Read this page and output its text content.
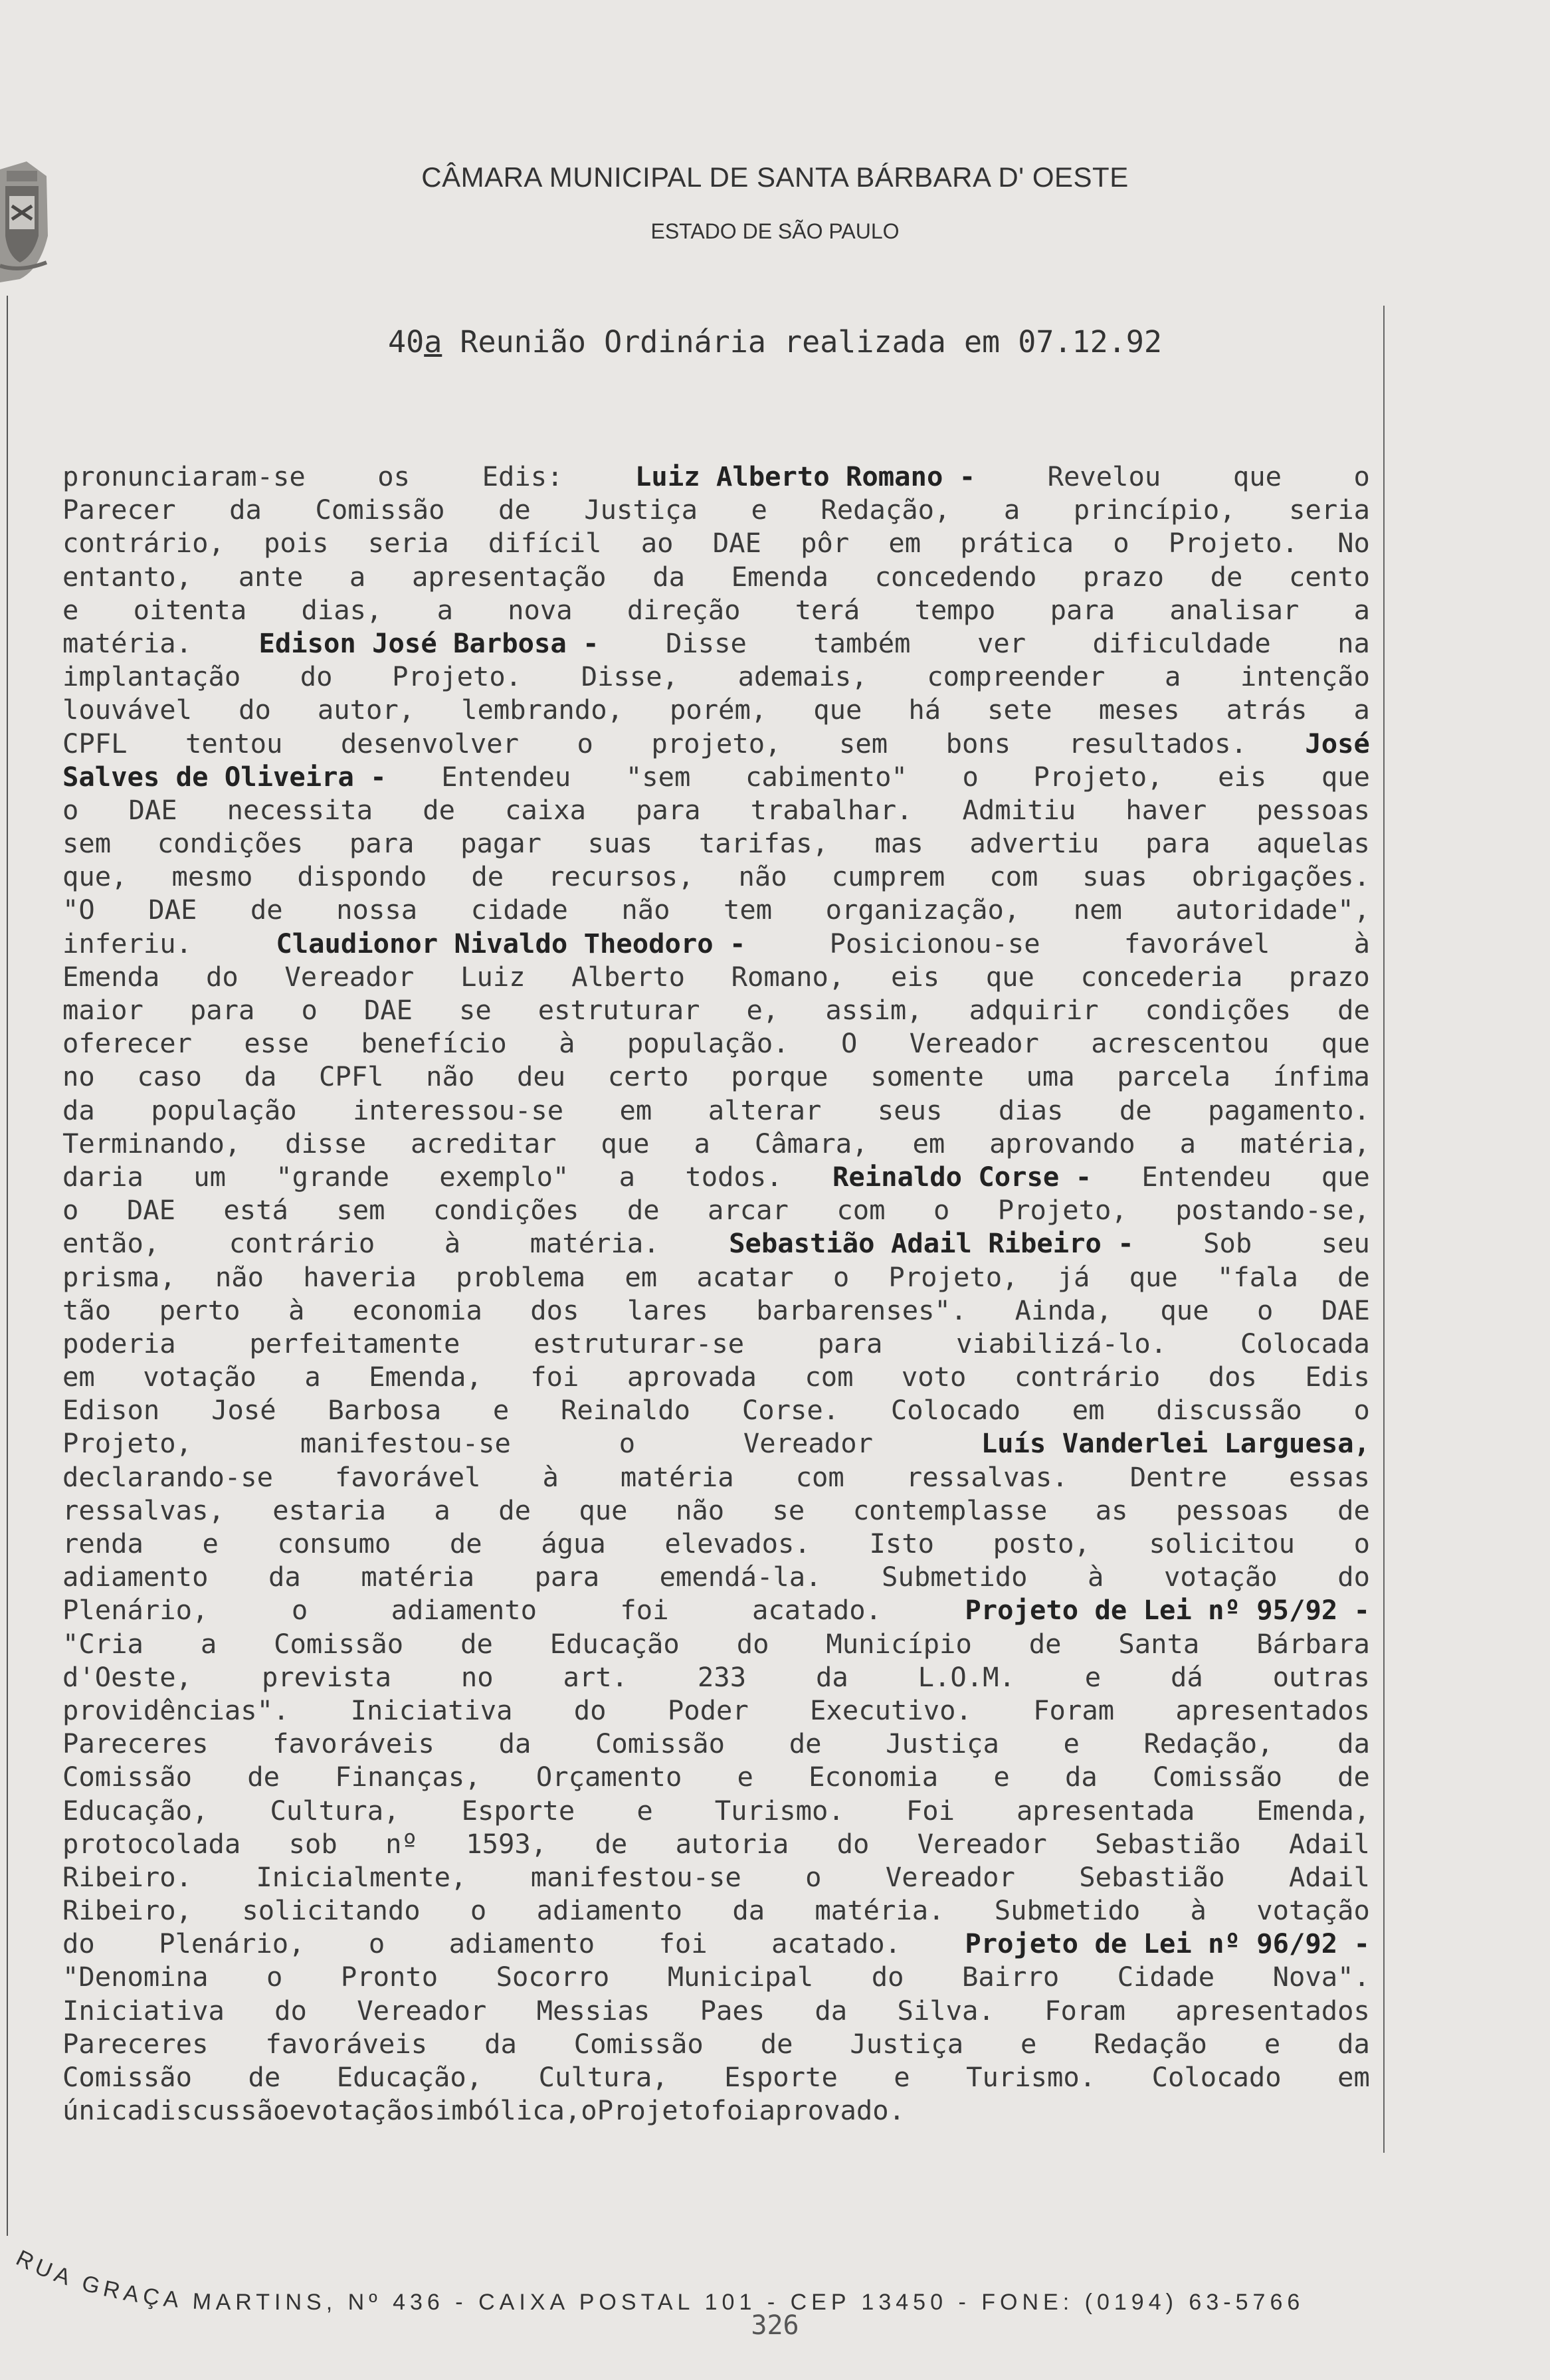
CÂMARA MUNICIPAL DE SANTA BÁRBARA D' OESTE
ESTADO DE SÃO PAULO
40a Reunião Ordinária realizada em 07.12.92
pronunciaram-se	os	Edis:	Luiz Alberto Romano -	Revelou	que	o
Parecer da Comissão de Justiça e Redação, a princípio, seria
contrário, pois seria difícil ao DAE pôr em prática o Projeto. No
entanto, ante a apresentação da Emenda concedendo prazo de cento
e oitenta dias, a nova direção terá tempo para analisar a
matéria. Edison José Barbosa - Disse também ver dificuldade na
implantação do Projeto. Disse, ademais, compreender a intenção
louvável do autor, lembrando, porém, que há sete meses atrás a
CPFL tentou desenvolver o projeto, sem bons resultados. José
Salves de Oliveira - Entendeu "sem cabimento" o Projeto, eis que
o DAE necessita de caixa para trabalhar. Admitiu haver pessoas
sem condições para pagar suas tarifas, mas advertiu para aquelas
que, mesmo dispondo de recursos, não cumprem com suas obrigações.
"O DAE de nossa cidade não tem organização, nem autoridade",
inferiu.	Claudionor Nivaldo Theodoro -	Posicionou-se	favorável	à
Emenda do Vereador Luiz Alberto Romano, eis que concederia prazo
maior para o DAE se estruturar e, assim, adquirir condições de
oferecer esse benefício à população. O Vereador acrescentou que
no caso da CPFl não deu certo porque somente uma parcela ínfima
da população interessou-se em alterar seus dias de pagamento.
Terminando, disse acreditar que a Câmara, em aprovando a matéria,
daria um "grande exemplo" a todos. Reinaldo Corse - Entendeu que
o DAE está sem condições de arcar com o Projeto, postando-se,
então,	contrário	à	matéria.	Sebastião Adail Ribeiro -	Sob	seu
prisma, não haveria problema em acatar o Projeto, já que "fala de
tão perto à economia dos lares barbarenses". Ainda, que o DAE
poderia	perfeitamente	estruturar-se	para	viabilizá-lo.	Colocada
em votação a Emenda, foi aprovada com voto contrário dos Edis
Edison José Barbosa e Reinaldo Corse. Colocado em discussão o
Projeto,	manifestou-se	o	Vereador	Luís Vanderlei Larguesa,
declarando-se favorável à matéria com ressalvas. Dentre essas
ressalvas, estaria a de que não se contemplasse as pessoas de
renda e consumo de água elevados. Isto posto, solicitou o
adiamento da matéria para emendá-la. Submetido à votação do
Plenário,	o	adiamento	foi	acatado.	Projeto de Lei nº 95/92 -
"Cria a Comissão de Educação do Município de Santa Bárbara
d'Oeste,	prevista	no	art.	233	da	L.O.M.	e	dá	outras
providências". Iniciativa do Poder Executivo. Foram apresentados
Pareceres favoráveis da Comissão de Justiça e Redação, da
Comissão de Finanças, Orçamento e Economia e da Comissão de
Educação, Cultura, Esporte e Turismo. Foi apresentada Emenda,
protocolada sob nº 1593, de autoria do Vereador Sebastião Adail
Ribeiro. Inicialmente, manifestou-se o Vereador Sebastião Adail
Ribeiro, solicitando o adiamento da matéria. Submetido à votação
do Plenário, o adiamento foi acatado. Projeto de Lei nº 96/92 -
"Denomina o Pronto Socorro Municipal do Bairro Cidade Nova".
Iniciativa do Vereador Messias Paes da Silva. Foram apresentados
Pareceres favoráveis da Comissão de Justiça e Redação e da
Comissão de Educação, Cultura, Esporte e Turismo. Colocado em
única discussão e votação simbólica, o Projeto foi aprovado.
326
RUA GRAÇA MARTINS, Nº 436 - CAIXA POSTAL 101 - CEP 13450 - FONE: (0194) 63-5766
